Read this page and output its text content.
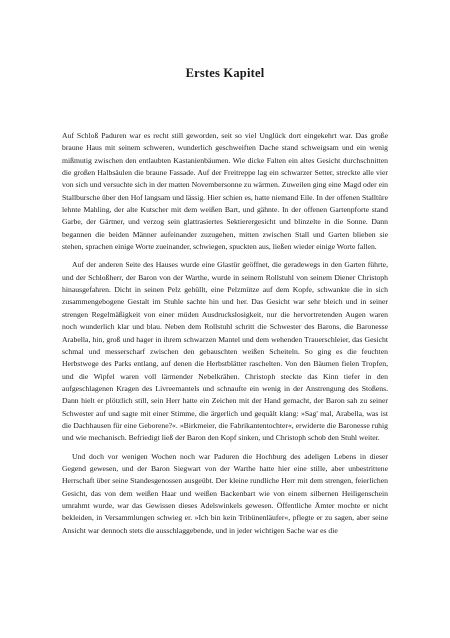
Erstes Kapitel

Auf Schloß Paduren war es recht still geworden, seit so viel Unglück dort eingekehrt war. Das große braune Haus mit seinem schweren, wunderlich geschweiften Dache stand schweigsam und ein wenig mißmutig zwischen den entlaubten Kastanienbäumen. Wie dicke Falten ein altes Gesicht durchschnitten die großen Halbsäulen die braune Fassade. Auf der Freitreppe lag ein schwarzer Setter, streckte alle vier von sich und versuchte sich in der matten Novembersonne zu wärmen. Zuweilen ging eine Magd oder ein Stallbursche über den Hof langsam und lässig. Hier schien es, hatte niemand Eile. In der offenen Stalltüre lehnte Mahling, der alte Kutscher mit dem weißen Bart, und gähnte. In der offenen Gartenpforte stand Garbe, der Gärtner, und verzog sein glattrasiertes Sektierergesicht und blinzelte in die Sonne. Dann begannen die beiden Männer aufeinander zuzugehen, mitten zwischen Stall und Garten blieben sie stehen, sprachen einige Worte zueinander, schwiegen, spuckten aus, ließen wieder einige Worte fallen.

Auf der anderen Seite des Hauses wurde eine Glastür geöffnet, die geradewegs in den Garten führte, und der Schloßherr, der Baron von der Warthe, wurde in seinem Rollstuhl von seinem Diener Christoph hinausgefahren. Dicht in seinen Pelz gehüllt, eine Pelzmütze auf dem Kopfe, schwankte die in sich zusammengebogene Gestalt im Stuhle sachte hin und her. Das Gesicht war sehr bleich und in seiner strengen Regelmäßigkeit von einer müden Ausdruckslosigkeit, nur die hervortretenden Augen waren noch wunderlich klar und blau. Neben dem Rollstuhl schritt die Schwester des Barons, die Baronesse Arabella, hin, groß und hager in ihrem schwarzen Mantel und dem wehenden Trauerschleier, das Gesicht schmal und messerscharf zwischen den gebauschten weißen Scheiteln. So ging es die feuchten Herbstwege des Parks entlang, auf denen die Herbstblätter raschelten. Von den Bäumen fielen Tropfen, und die Wipfel waren voll lärmender Nebelkrähen. Christoph steckte das Kinn tiefer in den aufgeschlagenen Kragen des Livreemantels und schnaufte ein wenig in der Anstrengung des Stoßens. Dann hielt er plötzlich still, sein Herr hatte ein Zeichen mit der Hand gemacht, der Baron sah zu seiner Schwester auf und sagte mit einer Stimme, die ärgerlich und gequält klang: »Sag' mal, Arabella, was ist die Dachhausen für eine Geborene?«. »Birkmeier, die Fabrikantentochter«, erwiderte die Baronesse ruhig und wie mechanisch. Befriedigt ließ der Baron den Kopf sinken, und Christoph schob den Stuhl weiter.

Und doch vor wenigen Wochen noch war Paduren die Hochburg des adeligen Lebens in dieser Gegend gewesen, und der Baron Siegwart von der Warthe hatte hier eine stille, aber unbestrittene Herrschaft über seine Standesgenossen ausgeübt. Der kleine rundliche Herr mit dem strengen, feierlichen Gesicht, das von dem weißen Haar und weißen Backenbart wie von einem silbernen Heiligenschein umrahmt wurde, war das Gewissen dieses Adelswinkels gewesen. Öffentliche Ämter mochte er nicht bekleiden, in Versammlungen schwieg er. »Ich bin kein Tribünenläufer«, pflegte er zu sagen, aber seine Ansicht war dennoch stets die ausschlaggebende, und in jeder wichtigen Sache war es die
